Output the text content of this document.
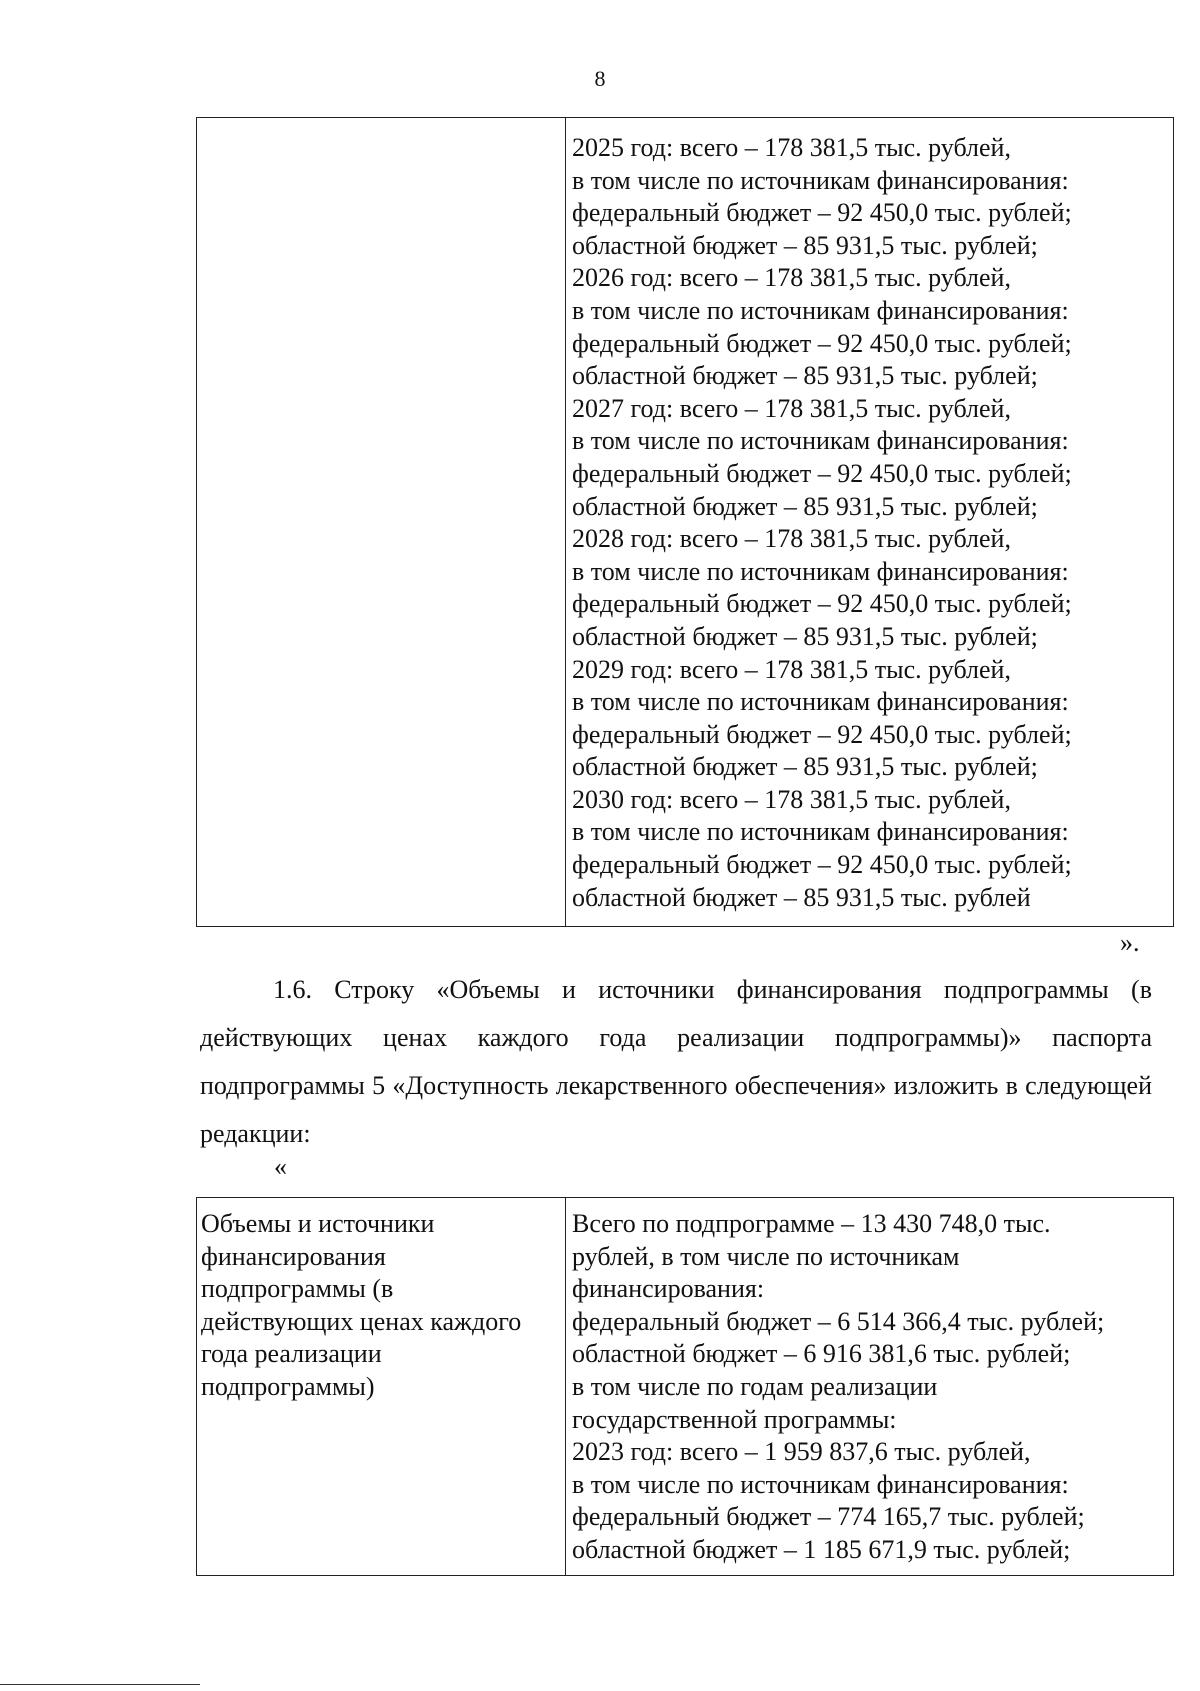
8

2025 год: всего – 178 381,5 тыс. рублей,
в том числе по источникам финансирования:
федеральный бюджет – 92 450,0 тыс. рублей;
областной бюджет – 85 931,5 тыс. рублей;
2026 год: всего – 178 381,5 тыс. рублей,
в том числе по источникам финансирования:
федеральный бюджет – 92 450,0 тыс. рублей;
областной бюджет – 85 931,5 тыс. рублей;
2027 год: всего – 178 381,5 тыс. рублей,
в том числе по источникам финансирования:
федеральный бюджет – 92 450,0 тыс. рублей;
областной бюджет – 85 931,5 тыс. рублей;
2028 год: всего – 178 381,5 тыс. рублей,
в том числе по источникам финансирования:
федеральный бюджет – 92 450,0 тыс. рублей;
областной бюджет – 85 931,5 тыс. рублей;
2029 год: всего – 178 381,5 тыс. рублей,
в том числе по источникам финансирования:
федеральный бюджет – 92 450,0 тыс. рублей;
областной бюджет – 85 931,5 тыс. рублей;
2030 год: всего – 178 381,5 тыс. рублей,
в том числе по источникам финансирования:
федеральный бюджет – 92 450,0 тыс. рублей;
областной бюджет – 85 931,5 тыс. рублей
».

1.6. Строку «Объемы и источники финансирования подпрограммы (в действующих ценах каждого года реализации подпрограммы)» паспорта подпрограммы 5 «Доступность лекарственного обеспечения» изложить в следующей редакции:

«
Объемы и источники
финансирования
подпрограммы (в
действующих ценах каждого
года реализации
подпрограммы)

Всего по подпрограмме – 13 430 748,0 тыс.
рублей, в том числе по источникам
финансирования:
федеральный бюджет – 6 514 366,4 тыс. рублей;
областной бюджет – 6 916 381,6 тыс. рублей;
в том числе по годам реализации
государственной программы:
2023 год: всего – 1 959 837,6 тыс. рублей,
в том числе по источникам финансирования:
федеральный бюджет – 774 165,7 тыс. рублей;
областной бюджет – 1 185 671,9 тыс. рублей;
